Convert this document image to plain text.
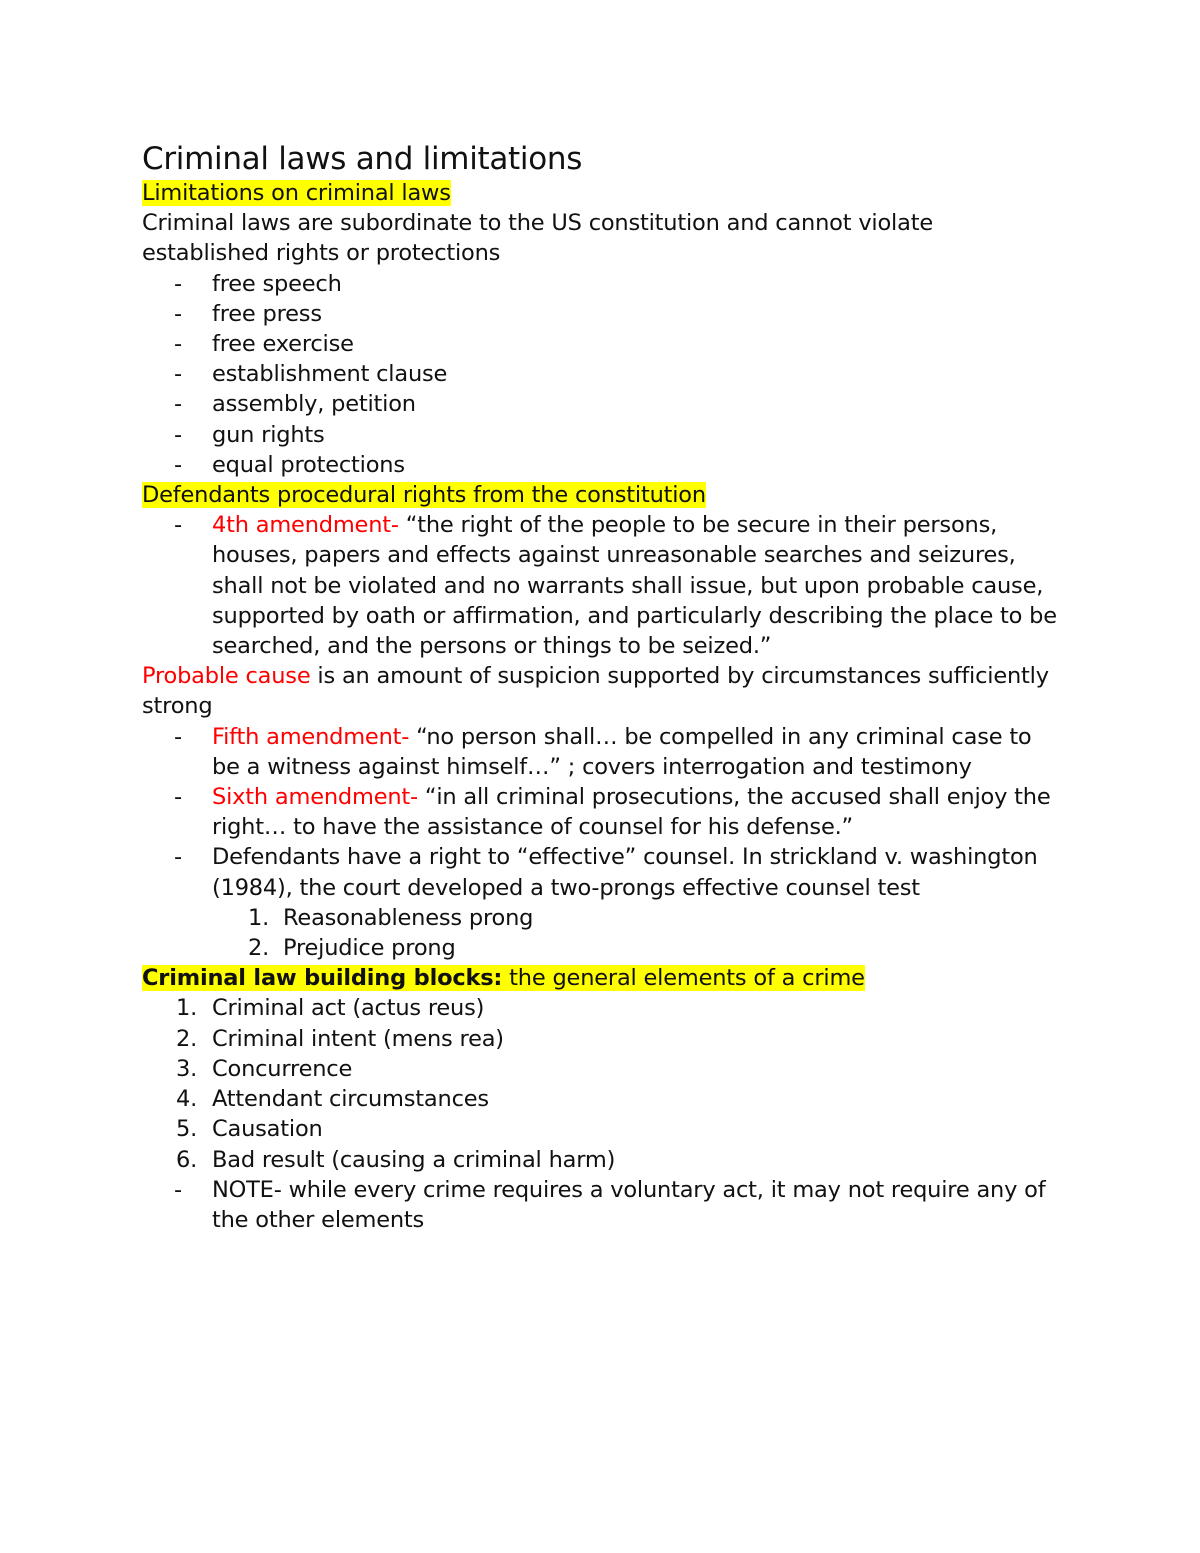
Criminal laws and limitations

Limitations on criminal laws

Criminal laws are subordinate to the US constitution and cannot violate established rights or protections

- free speech
- free press
- free exercise
- establishment clause
- assembly, petition
- gun rights
- equal protections

Defendants procedural rights from the constitution

- 4th amendment- “the right of the people to be secure in their persons, houses, papers and effects against unreasonable searches and seizures, shall not be violated and no warrants shall issue, but upon probable cause, supported by oath or affirmation, and particularly describing the place to be searched, and the persons or things to be seized.”

Probable cause is an amount of suspicion supported by circumstances sufficiently strong

- Fifth amendment- “no person shall… be compelled in any criminal case to be a witness against himself…” ; covers interrogation and testimony
- Sixth amendment- “in all criminal prosecutions, the accused shall enjoy the right… to have the assistance of counsel for his defense.”
- Defendants have a right to “effective” counsel. In strickland v. washington (1984), the court developed a two-prongs effective counsel test
1. Reasonableness prong
2. Prejudice prong

Criminal law building blocks: the general elements of a crime

1. Criminal act (actus reus)
2. Criminal intent (mens rea)
3. Concurrence
4. Attendant circumstances
5. Causation
6. Bad result (causing a criminal harm)
- NOTE- while every crime requires a voluntary act, it may not require any of the other elements
